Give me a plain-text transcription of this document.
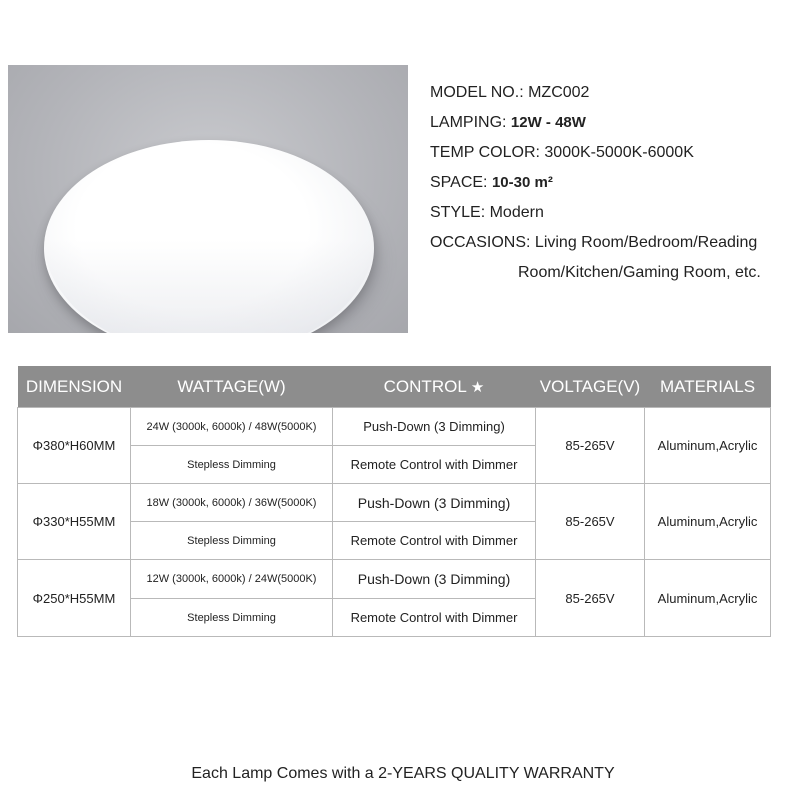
MODEL NO.: MZC002
LAMPING: 12W - 48W
TEMP COLOR: 3000K-5000K-6000K
SPACE: 10-30 m²
STYLE: Modern
OCCASIONS: Living Room/Bedroom/Reading
Room/Kitchen/Gaming Room, etc.
DIMENSION	WATTAGE(W)	CONTROL ★	VOLTAGE(V)	MATERIALS
Φ380*H60MM	24W (3000k, 6000k) / 48W(5000K)	Push-Down (3 Dimming)	85-265V	Aluminum,Acrylic
	Stepless Dimming	Remote Control with Dimmer		
Φ330*H55MM	18W (3000k, 6000k) / 36W(5000K)	Push-Down (3 Dimming)	85-265V	Aluminum,Acrylic
	Stepless Dimming	Remote Control with Dimmer		
Φ250*H55MM	12W (3000k, 6000k) / 24W(5000K)	Push-Down (3 Dimming)	85-265V	Aluminum,Acrylic
	Stepless Dimming	Remote Control with Dimmer		
Each Lamp Comes with a 2-YEARS QUALITY WARRANTY
